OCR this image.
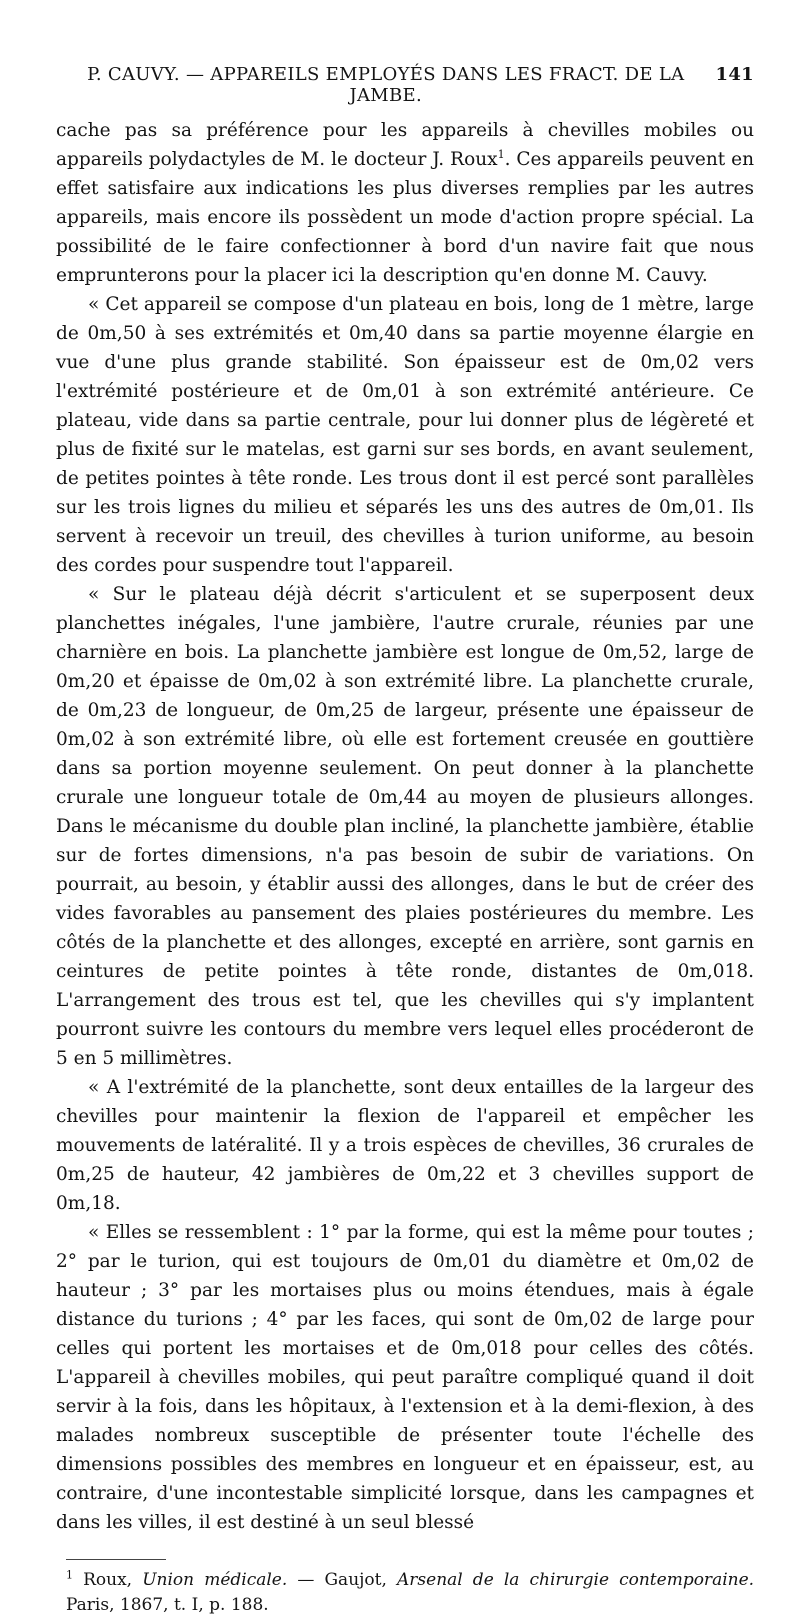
P. CAUVY. — APPAREILS EMPLOYÉS DANS LES FRACT. DE LA JAMBE.
141

cache pas sa préférence pour les appareils à chevilles mobiles ou appareils polydactyles de M. le docteur J. Roux$^1$. Ces appareils peuvent en effet satisfaire aux indications les plus diverses remplies par les autres appareils, mais encore ils possèdent un mode d'action propre spécial. La possibilité de le faire confectionner à bord d'un navire fait que nous emprunterons pour la placer ici la description qu'en donne M. Cauvy.

« Cet appareil se compose d'un plateau en bois, long de 1 mètre, large de 0m,50 à ses extrémités et 0m,40 dans sa partie moyenne élargie en vue d'une plus grande stabilité. Son épaisseur est de 0m,02 vers l'extrémité postérieure et de 0m,01 à son extrémité antérieure. Ce plateau, vide dans sa partie centrale, pour lui donner plus de légèreté et plus de fixité sur le matelas, est garni sur ses bords, en avant seulement, de petites pointes à tête ronde. Les trous dont il est percé sont parallèles sur les trois lignes du milieu et séparés les uns des autres de 0m,01. Ils servent à recevoir un treuil, des chevilles à turion uniforme, au besoin des cordes pour suspendre tout l'appareil.

« Sur le plateau déjà décrit s'articulent et se superposent deux planchettes inégales, l'une jambière, l'autre crurale, réunies par une charnière en bois. La planchette jambière est longue de 0m,52, large de 0m,20 et épaisse de 0m,02 à son extrémité libre. La planchette crurale, de 0m,23 de longueur, de 0m,25 de largeur, présente une épaisseur de 0m,02 à son extrémité libre, où elle est fortement creusée en gouttière dans sa portion moyenne seulement. On peut donner à la planchette crurale une longueur totale de 0m,44 au moyen de plusieurs allonges. Dans le mécanisme du double plan incliné, la planchette jambière, établie sur de fortes dimensions, n'a pas besoin de subir de variations. On pourrait, au besoin, y établir aussi des allonges, dans le but de créer des vides favorables au pansement des plaies postérieures du membre. Les côtés de la planchette et des allonges, excepté en arrière, sont garnis en ceintures de petite pointes à tête ronde, distantes de 0m,018. L'arrangement des trous est tel, que les chevilles qui s'y implantent pourront suivre les contours du membre vers lequel elles procéderont de 5 en 5 millimètres.

« A l'extrémité de la planchette, sont deux entailles de la largeur des chevilles pour maintenir la flexion de l'appareil et empêcher les mouvements de latéralité. Il y a trois espèces de chevilles, 36 crurales de 0m,25 de hauteur, 42 jambières de 0m,22 et 3 chevilles support de 0m,18.

« Elles se ressemblent : 1° par la forme, qui est la même pour toutes ; 2° par le turion, qui est toujours de 0m,01 du diamètre et 0m,02 de hauteur ; 3° par les mortaises plus ou moins étendues, mais à égale distance du turions ; 4° par les faces, qui sont de 0m,02 de large pour celles qui portent les mortaises et de 0m,018 pour celles des côtés. L'appareil à chevilles mobiles, qui peut paraître compliqué quand il doit servir à la fois, dans les hôpitaux, à l'extension et à la demi-flexion, à des malades nombreux susceptible de présenter toute l'échelle des dimensions possibles des membres en longueur et en épaisseur, est, au contraire, d'une incontestable simplicité lorsque, dans les campagnes et dans les villes, il est destiné à un seul blessé

$^1$ Roux, Union médicale. — Gaujot, Arsenal de la chirurgie contemporaine. Paris, 1867, t. I, p. 188.
